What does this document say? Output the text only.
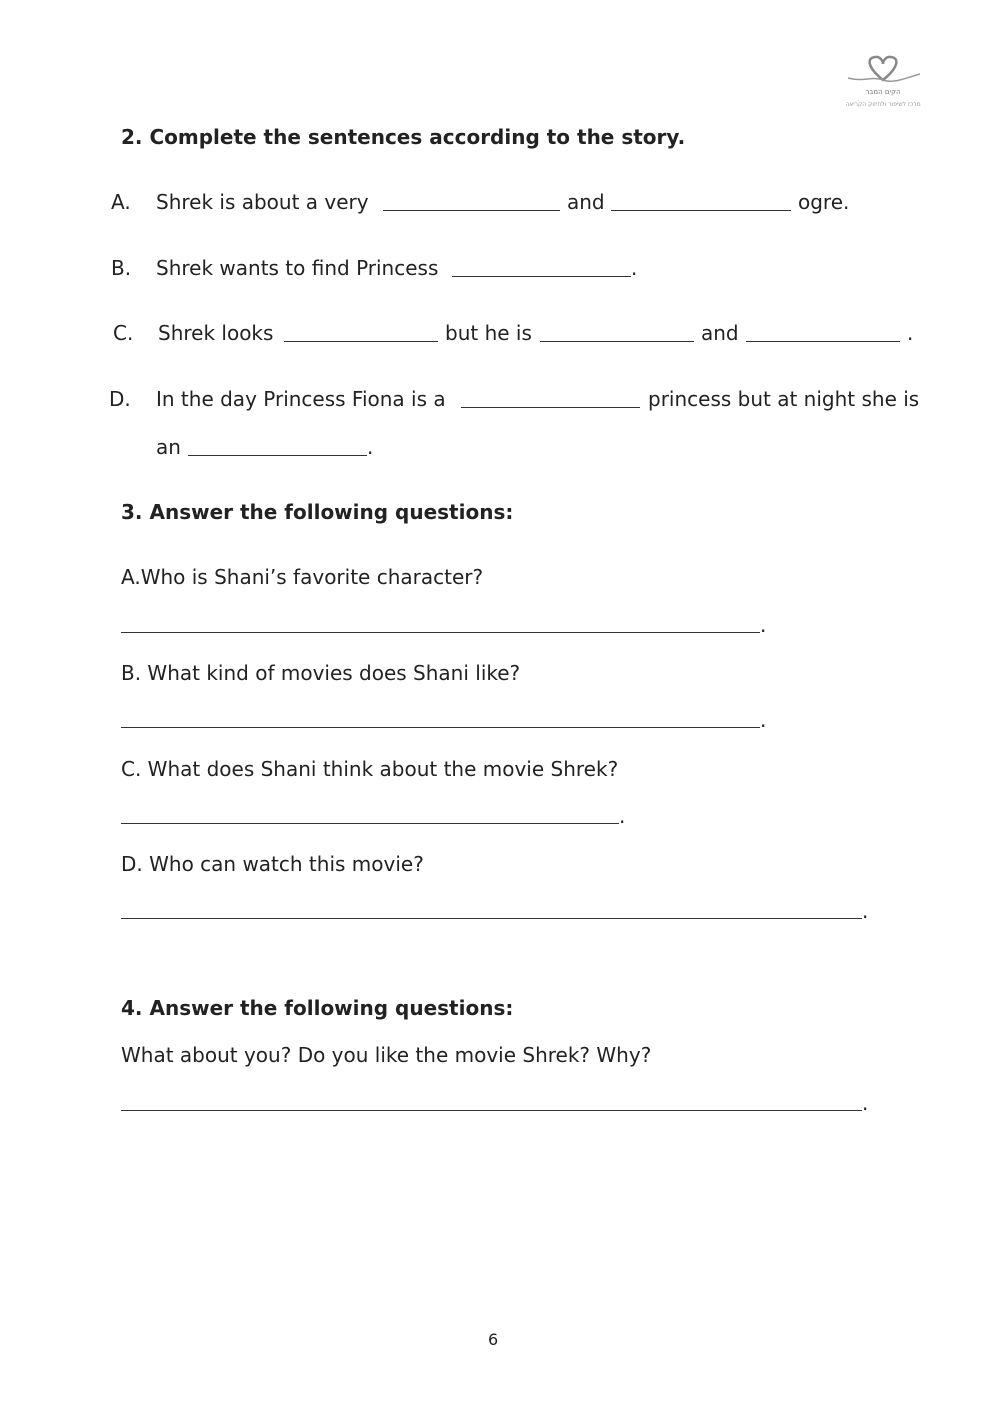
הקים המבר
מרכז לשיפור ולחיזוק הקריאה
2. Complete the sentences according to the story.
A. Shrek is about a very	and	ogre.
B. Shrek wants to find Princess	.
C. Shrek looks	but he is	and	.
D. In the day Princess Fiona is a	princess but at night she is
an	.
3. Answer the following questions:
A.Who is Shani’s favorite character?
.
B. What kind of movies does Shani like?
.
C. What does Shani think about the movie Shrek?
.
D. Who can watch this movie?
.
4. Answer the following questions:
What about you? Do you like the movie Shrek? Why?
.
6
